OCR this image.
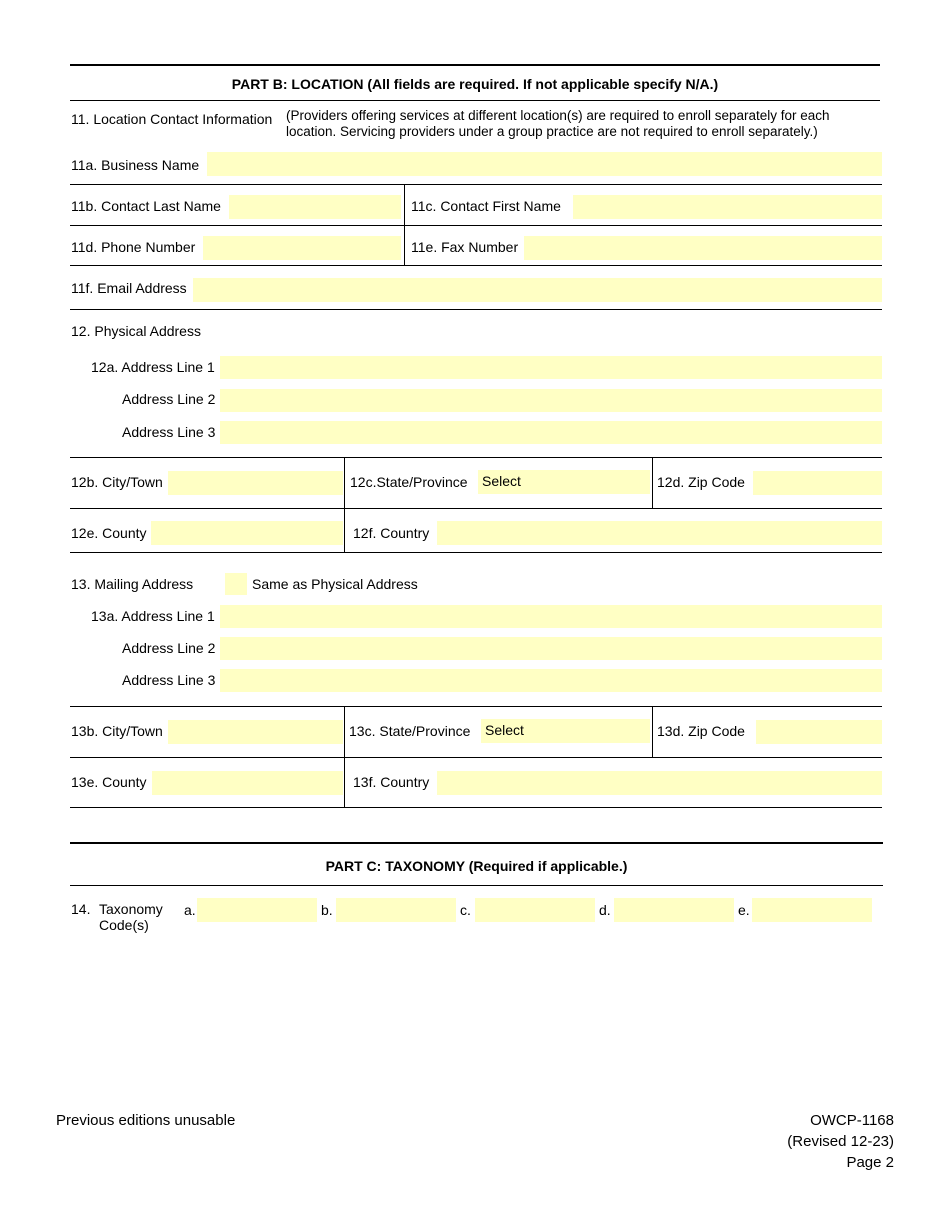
PART B: LOCATION (All fields are required. If not applicable specify N/A.)
11. Location Contact Information (Providers offering services at different location(s) are required to enroll separately for each
location. Servicing providers under a group practice are not required to enroll separately.)
11a. Business Name
11b. Contact Last Name	11c. Contact First Name
11d. Phone Number	11e. Fax Number
11f. Email Address
12. Physical Address
12a. Address Line 1
Address Line 2
Address Line 3
12b. City/Town	12c.State/Province Select	12d. Zip Code
12e. County	12f. Country
13. Mailing Address	Same as Physical Address
13a. Address Line 1
Address Line 2
Address Line 3
13b. City/Town	13c. State/Province Select	13d. Zip Code
13e. County	13f. Country
PART C: TAXONOMY (Required if applicable.)
14. Taxonomy
Code(s)
a.	b.	c.	d.	e.
Previous editions unusable	OWCP-1168
(Revised 12-23)
Page 2
